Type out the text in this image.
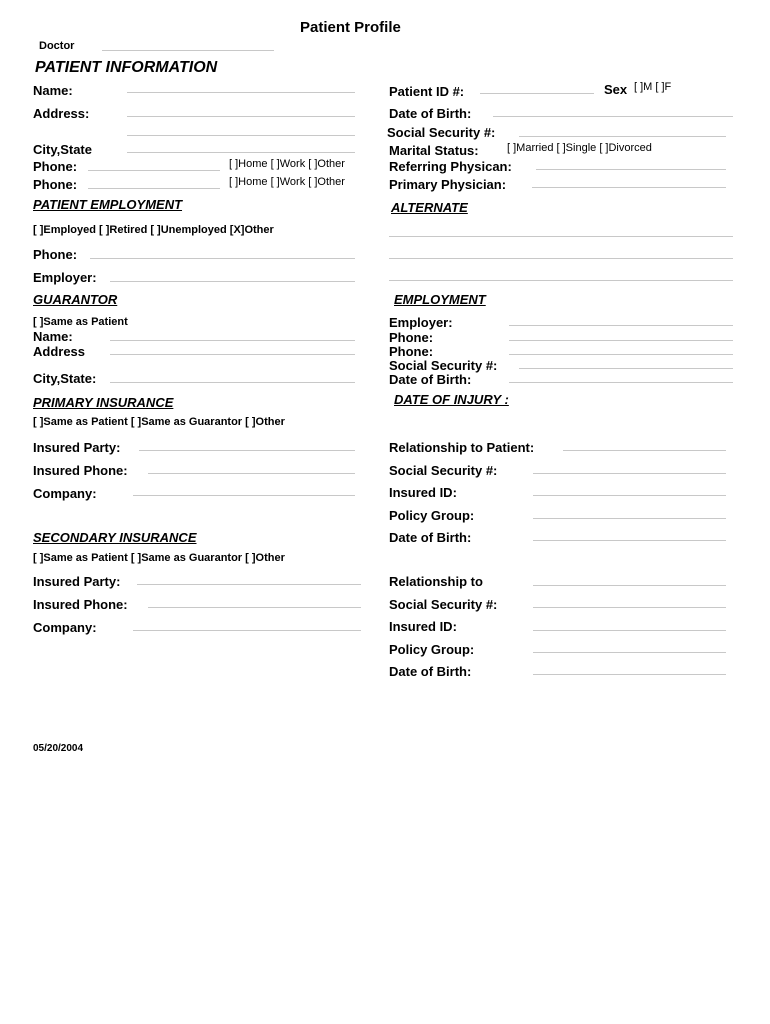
Patient Profile
Doctor
PATIENT INFORMATION
Name:
Address:
City,State
Phone:	[ ]Home [ ]Work [ ]Other
Phone:	[ ]Home [ ]Work [ ]Other
Patient ID #:	Sex [ ]M [ ]F
Date of Birth:
Social Security #:
Marital Status:	[ ]Married [ ]Single [ ]Divorced
Referring Physican:
Primary Physician:
PATIENT EMPLOYMENT	ALTERNATE
[ ]Employed [ ]Retired [ ]Unemployed [X]Other
Phone:
Employer:
GUARANTOR	EMPLOYMENT
[ ]Same as Patient
Name:
Address
City,State:
Employer:
Phone:
Phone:
Social Security #:
Date of Birth:
PRIMARY INSURANCE	DATE OF INJURY :
[ ]Same as Patient [ ]Same as Guarantor [ ]Other
Insured Party:
Insured Phone:
Company:
Relationship to Patient:
Social Security #:
Insured ID:
Policy Group:
Date of Birth:
SECONDARY INSURANCE
[ ]Same as Patient [ ]Same as Guarantor [ ]Other
Insured Party:
Insured Phone:
Company:
Relationship to
Social Security #:
Insured ID:
Policy Group:
Date of Birth:
05/20/2004
